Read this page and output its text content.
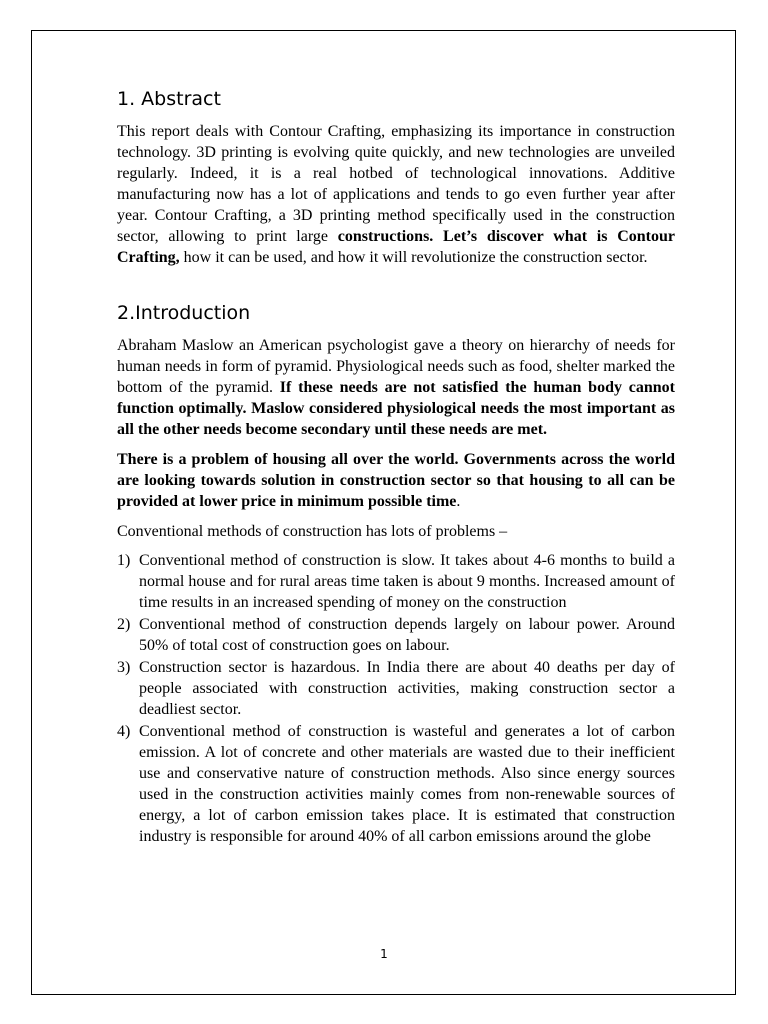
1. Abstract

This report deals with Contour Crafting, emphasizing its importance in construction technology. 3D printing is evolving quite quickly, and new technologies are unveiled regularly. Indeed, it is a real hotbed of technological innovations. Additive manufacturing now has a lot of applications and tends to go even further year after year. Contour Crafting, a 3D printing method specifically used in the construction sector, allowing to print large constructions. Let’s discover what is Contour Crafting, how it can be used, and how it will revolutionize the construction sector.

2.Introduction

Abraham Maslow an American psychologist gave a theory on hierarchy of needs for human needs in form of pyramid. Physiological needs such as food, shelter marked the bottom of the pyramid. If these needs are not satisfied the human body cannot function optimally. Maslow considered physiological needs the most important as all the other needs become secondary until these needs are met.

There is a problem of housing all over the world. Governments across the world are looking towards solution in construction sector so that housing to all can be provided at lower price in minimum possible time.

Conventional methods of construction has lots of problems –

1) Conventional method of construction is slow. It takes about 4-6 months to build a normal house and for rural areas time taken is about 9 months. Increased amount of time results in an increased spending of money on the construction
2) Conventional method of construction depends largely on labour power. Around 50% of total cost of construction goes on labour.
3) Construction sector is hazardous. In India there are about 40 deaths per day of people associated with construction activities, making construction sector a deadliest sector.
4) Conventional method of construction is wasteful and generates a lot of carbon emission. A lot of concrete and other materials are wasted due to their inefficient use and conservative nature of construction methods. Also since energy sources used in the construction activities mainly comes from non-renewable sources of energy, a lot of carbon emission takes place. It is estimated that construction industry is responsible for around 40% of all carbon emissions around the globe
1
